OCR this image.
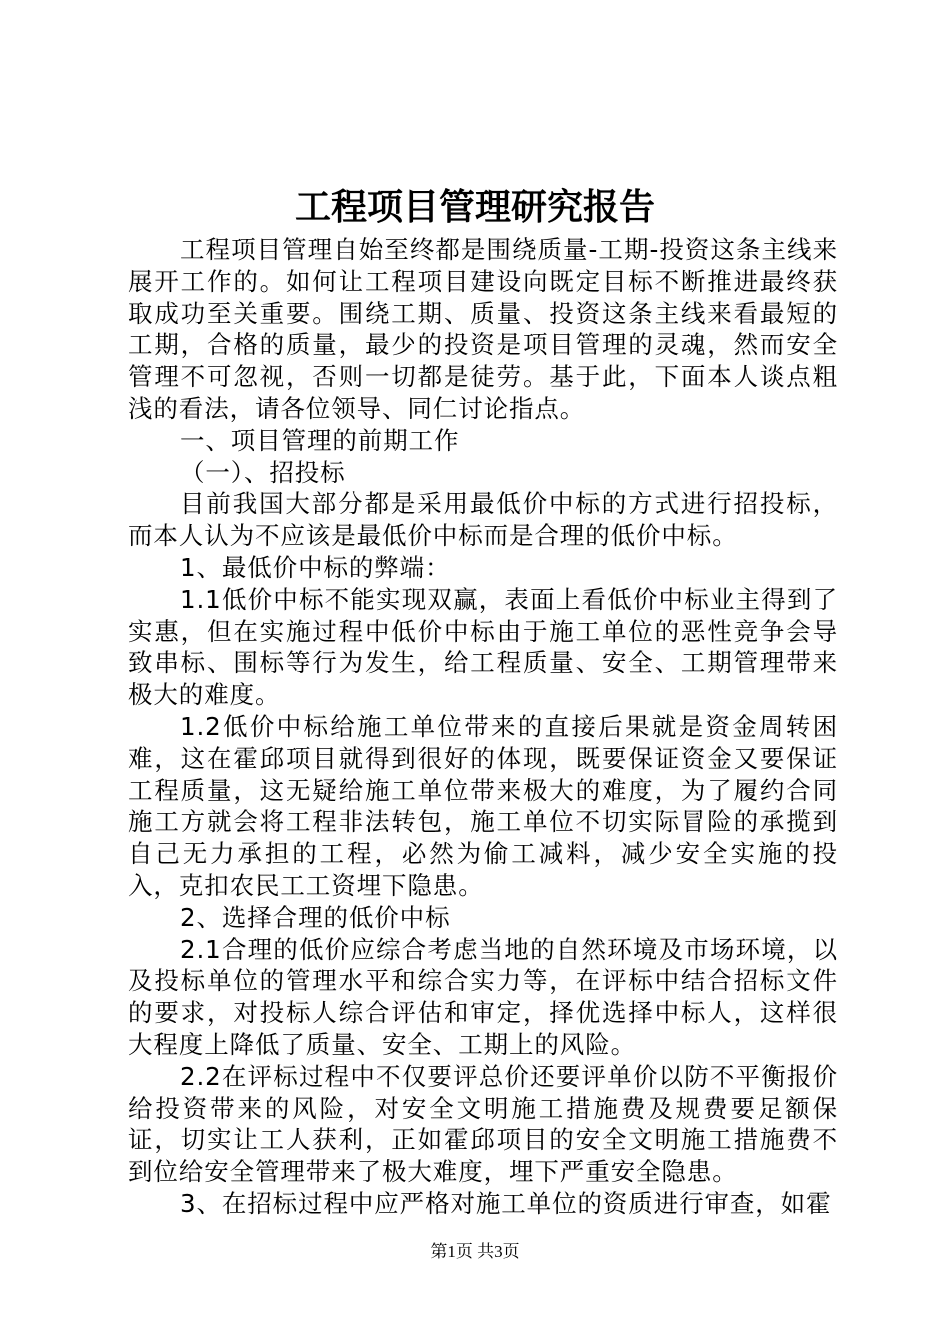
工程项目管理研究报告

工程项目管理自始至终都是围绕质量-工期-投资这条主线来展开工作的。如何让工程项目建设向既定目标不断推进最终获取成功至关重要。围绕工期、质量、投资这条主线来看最短的工期，合格的质量，最少的投资是项目管理的灵魂，然而安全管理不可忽视，否则一切都是徒劳。基于此，下面本人谈点粗浅的看法，请各位领导、同仁讨论指点。

一、项目管理的前期工作

（一）、招投标

目前我国大部分都是采用最低价中标的方式进行招投标，而本人认为不应该是最低价中标而是合理的低价中标。

1、最低价中标的弊端：

1.1低价中标不能实现双赢，表面上看低价中标业主得到了实惠，但在实施过程中低价中标由于施工单位的恶性竞争会导致串标、围标等行为发生，给工程质量、安全、工期管理带来极大的难度。

1.2低价中标给施工单位带来的直接后果就是资金周转困难，这在霍邱项目就得到很好的体现，既要保证资金又要保证工程质量，这无疑给施工单位带来极大的难度，为了履约合同施工方就会将工程非法转包，施工单位不切实际冒险的承揽到自己无力承担的工程，必然为偷工减料，减少安全实施的投入，克扣农民工工资埋下隐患。

2、选择合理的低价中标

2.1合理的低价应综合考虑当地的自然环境及市场环境，以及投标单位的管理水平和综合实力等，在评标中结合招标文件的要求，对投标人综合评估和审定，择优选择中标人，这样很大程度上降低了质量、安全、工期上的风险。

2.2在评标过程中不仅要评总价还要评单价以防不平衡报价给投资带来的风险，对安全文明施工措施费及规费要足额保证，切实让工人获利，正如霍邱项目的安全文明施工措施费不到位给安全管理带来了极大难度，埋下严重安全隐患。

3、在招标过程中应严格对施工单位的资质进行审查，如霍

第1页 共3页
